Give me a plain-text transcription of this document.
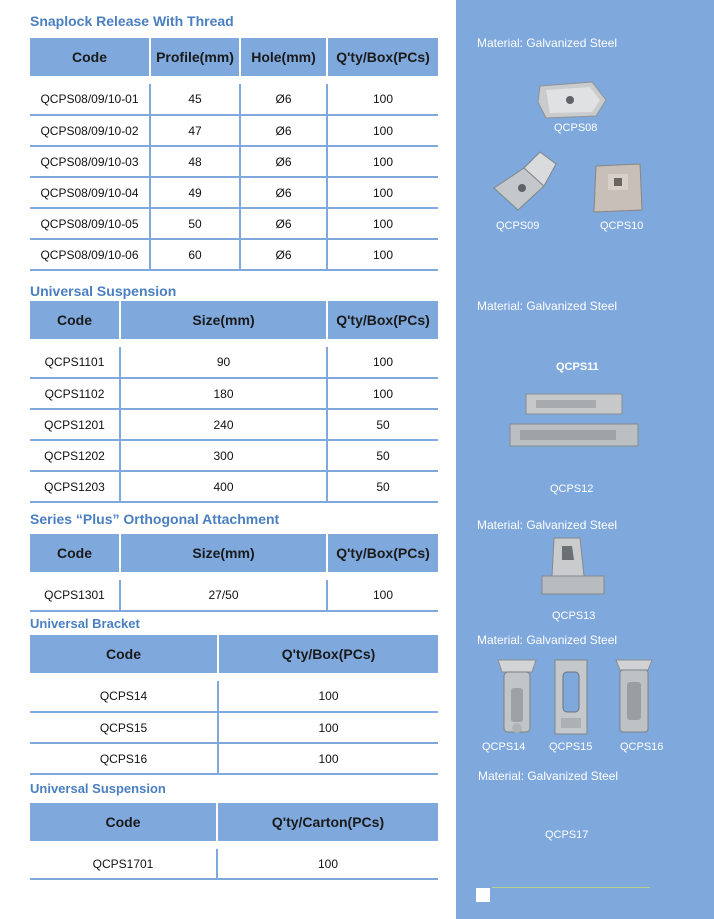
Snaplock Release With Thread
Code	Profile(mm)	Hole(mm)	Q'ty/Box(PCs)

QCPS08/09/10-01	45	Ø6	100
QCPS08/09/10-02	47	Ø6	100
QCPS08/09/10-03	48	Ø6	100
QCPS08/09/10-04	49	Ø6	100
QCPS08/09/10-05	50	Ø6	100
QCPS08/09/10-06	60	Ø6	100
Universal Suspension
Code	Size(mm)	Q'ty/Box(PCs)

QCPS1101	90	100
QCPS1102	180	100
QCPS1201	240	50
QCPS1202	300	50
QCPS1203	400	50
Series “Plus” Orthogonal Attachment
Code	Size(mm)	Q'ty/Box(PCs)

QCPS1301	27/50	100
Universal Bracket
Code	Q'ty/Box(PCs)

QCPS14	100
QCPS15	100
QCPS16	100
Universal Suspension
Code	Q'ty/Carton(PCs)

QCPS1701	100
Material: Galvanized Steel
QCPS08
QCPS09	QCPS10
Material: Galvanized Steel
QCPS11
QCPS12
Material: Galvanized Steel
QCPS13
Material: Galvanized Steel
QCPS14 QCPS15	QCPS16
Material: Galvanized Steel
QCPS17
